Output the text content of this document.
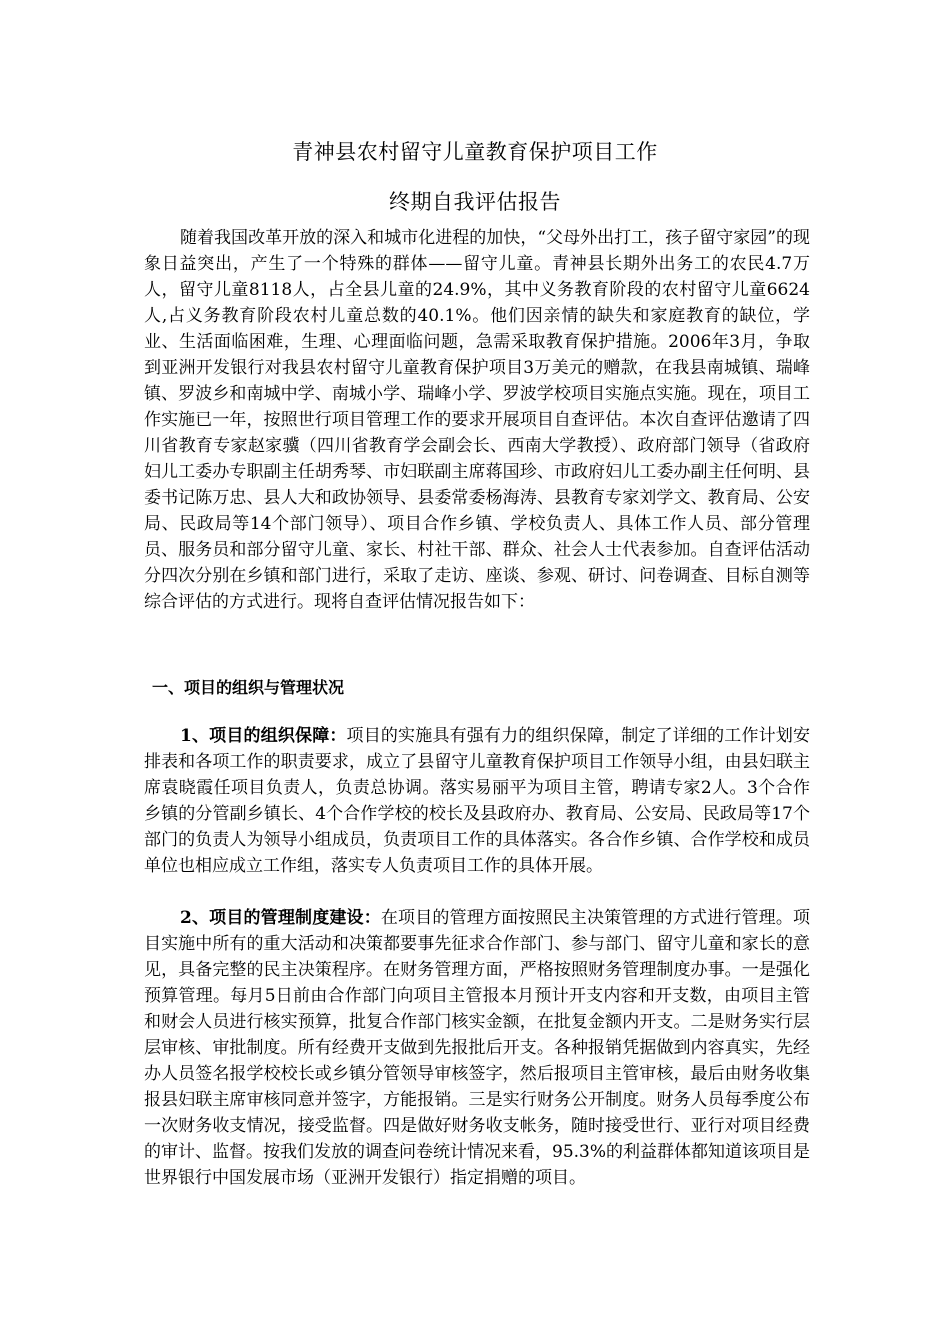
青神县农村留守儿童教育保护项目工作
终期自我评估报告

随着我国改革开放的深入和城市化进程的加快，“父母外出打工，孩子留守家园”的现象日益突出，产生了一个特殊的群体——留守儿童。青神县长期外出务工的农民4.7万人，留守儿童8118人，占全县儿童的24.9%，其中义务教育阶段的农村留守儿童6624人,占义务教育阶段农村儿童总数的40.1%。他们因亲情的缺失和家庭教育的缺位，学业、生活面临困难，生理、心理面临问题，急需采取教育保护措施。2006年3月，争取到亚洲开发银行对我县农村留守儿童教育保护项目3万美元的赠款，在我县南城镇、瑞峰镇、罗波乡和南城中学、南城小学、瑞峰小学、罗波学校项目实施点实施。现在，项目工作实施已一年，按照世行项目管理工作的要求开展项目自查评估。本次自查评估邀请了四川省教育专家赵家骥（四川省教育学会副会长、西南大学教授）、政府部门领导（省政府妇儿工委办专职副主任胡秀琴、市妇联副主席蒋国珍、市政府妇儿工委办副主任何明、县委书记陈万忠、县人大和政协领导、县委常委杨海涛、县教育专家刘学文、教育局、公安局、民政局等14个部门领导）、项目合作乡镇、学校负责人、具体工作人员、部分管理员、服务员和部分留守儿童、家长、村社干部、群众、社会人士代表参加。自查评估活动分四次分别在乡镇和部门进行，采取了走访、座谈、参观、研讨、问卷调查、目标自测等综合评估的方式进行。现将自查评估情况报告如下：

一、项目的组织与管理状况

1、项目的组织保障：项目的实施具有强有力的组织保障，制定了详细的工作计划安排表和各项工作的职责要求，成立了县留守儿童教育保护项目工作领导小组，由县妇联主席袁晓霞任项目负责人，负责总协调。落实易丽平为项目主管，聘请专家2人。3个合作乡镇的分管副乡镇长、4个合作学校的校长及县政府办、教育局、公安局、民政局等17个部门的负责人为领导小组成员，负责项目工作的具体落实。各合作乡镇、合作学校和成员单位也相应成立工作组，落实专人负责项目工作的具体开展。

2、项目的管理制度建设：在项目的管理方面按照民主决策管理的方式进行管理。项目实施中所有的重大活动和决策都要事先征求合作部门、参与部门、留守儿童和家长的意见，具备完整的民主决策程序。在财务管理方面，严格按照财务管理制度办事。一是强化预算管理。每月5日前由合作部门向项目主管报本月预计开支内容和开支数，由项目主管和财会人员进行核实预算，批复合作部门核实金额，在批复金额内开支。二是财务实行层层审核、审批制度。所有经费开支做到先报批后开支。各种报销凭据做到内容真实，先经办人员签名报学校校长或乡镇分管领导审核签字，然后报项目主管审核，最后由财务收集报县妇联主席审核同意并签字，方能报销。三是实行财务公开制度。财务人员每季度公布一次财务收支情况，接受监督。四是做好财务收支帐务，随时接受世行、亚行对项目经费的审计、监督。按我们发放的调查问卷统计情况来看，95.3%的利益群体都知道该项目是世界银行中国发展市场（亚洲开发银行）指定捐赠的项目。
